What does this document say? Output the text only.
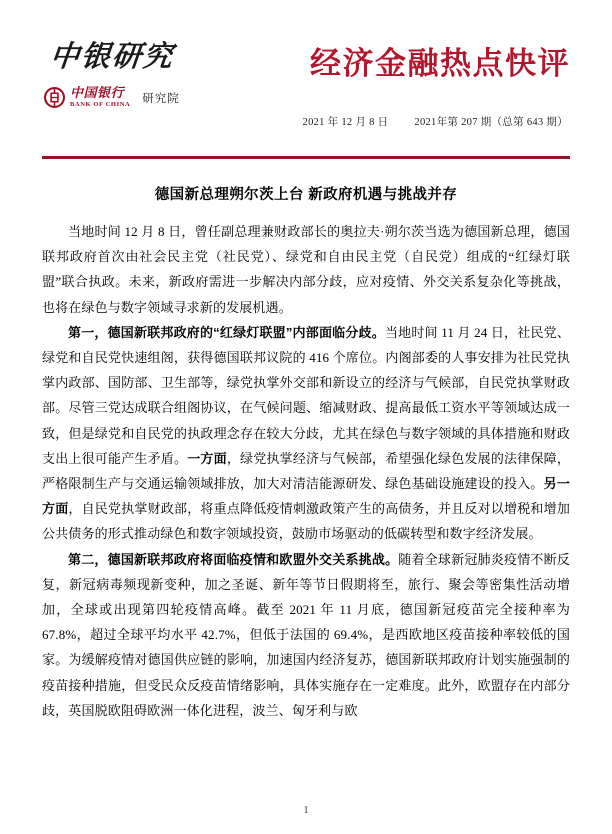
中银研究
中国银行
BANK OF CHINA 研究院
经济金融热点快评
2021 年 12 月 8 日 2021年第 207 期（总第 643 期）
德国新总理朔尔茨上台 新政府机遇与挑战并存

当地时间 12 月 8 日，曾任副总理兼财政部长的奥拉夫·朔尔茨当选为德国新总理，德国联邦政府首次由社会民主党（社民党）、绿党和自由民主党（自民党）组成的“红绿灯联盟”联合执政。未来，新政府需进一步解决内部分歧，应对疫情、外交关系复杂化等挑战，也将在绿色与数字领域寻求新的发展机遇。

第一，德国新联邦政府的“红绿灯联盟”内部面临分歧。当地时间 11 月 24 日，社民党、绿党和自民党快速组阁，获得德国联邦议院的 416 个席位。内阁部委的人事安排为社民党执掌内政部、国防部、卫生部等，绿党执掌外交部和新设立的经济与气候部，自民党执掌财政部。尽管三党达成联合组阁协议，在气候问题、缩减财政、提高最低工资水平等领域达成一致，但是绿党和自民党的执政理念存在较大分歧，尤其在绿色与数字领域的具体措施和财政支出上很可能产生矛盾。一方面，绿党执掌经济与气候部，希望强化绿色发展的法律保障，严格限制生产与交通运输领域排放，加大对清洁能源研发、绿色基础设施建设的投入。另一方面，自民党执掌财政部，将重点降低疫情刺激政策产生的高债务，并且反对以增税和增加公共债务的形式推动绿色和数字领域投资，鼓励市场驱动的低碳转型和数字经济发展。

第二，德国新联邦政府将面临疫情和欧盟外交关系挑战。随着全球新冠肺炎疫情不断反复，新冠病毒频现新变种，加之圣诞、新年等节日假期将至，旅行、聚会等密集性活动增加，全球或出现第四轮疫情高峰。截至 2021 年 11 月底，德国新冠疫苗完全接种率为 67.8%，超过全球平均水平 42.7%，但低于法国的 69.4%，是西欧地区疫苗接种率较低的国家。为缓解疫情对德国供应链的影响，加速国内经济复苏，德国新联邦政府计划实施强制的疫苗接种措施，但受民众反疫苗情绪影响，具体实施存在一定难度。此外，欧盟存在内部分歧，英国脱欧阻碍欧洲一体化进程，波兰、匈牙利与欧

1
